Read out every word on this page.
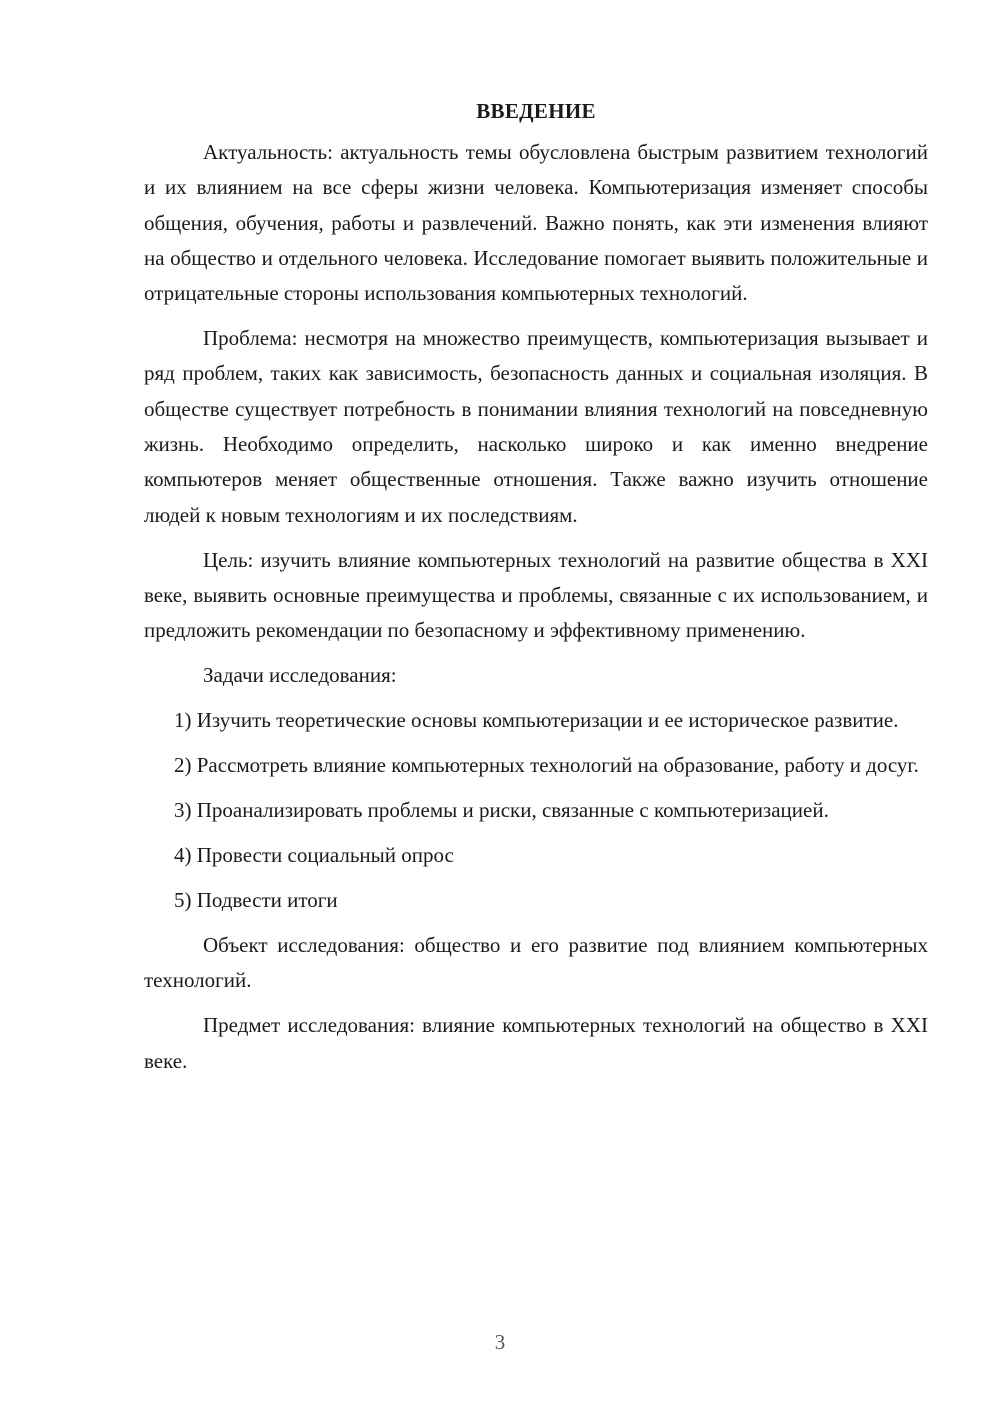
ВВЕДЕНИЕ

Актуальность: актуальность темы обусловлена быстрым развитием технологий и их влиянием на все сферы жизни человека. Компьютеризация изменяет способы общения, обучения, работы и развлечений. Важно понять, как эти изменения влияют на общество и отдельного человека. Исследование помогает выявить положительные и отрицательные стороны использования компьютерных технологий.

Проблема: несмотря на множество преимуществ, компьютеризация вызывает и ряд проблем, таких как зависимость, безопасность данных и социальная изоляция. В обществе существует потребность в понимании влияния технологий на повседневную жизнь. Необходимо определить, насколько широко и как именно внедрение компьютеров меняет общественные отношения. Также важно изучить отношение людей к новым технологиям и их последствиям.

Цель: изучить влияние компьютерных технологий на развитие общества в XXI веке, выявить основные преимущества и проблемы, связанные с их использованием, и предложить рекомендации по безопасному и эффективному применению.

Задачи исследования:

1) Изучить теоретические основы компьютеризации и ее историческое развитие.

2) Рассмотреть влияние компьютерных технологий на образование, работу и досуг.

3) Проанализировать проблемы и риски, связанные с компьютеризацией.

4) Провести социальный опрос

5) Подвести итоги

Объект исследования: общество и его развитие под влиянием компьютерных технологий.

Предмет исследования: влияние компьютерных технологий на общество в XXI веке.

3
